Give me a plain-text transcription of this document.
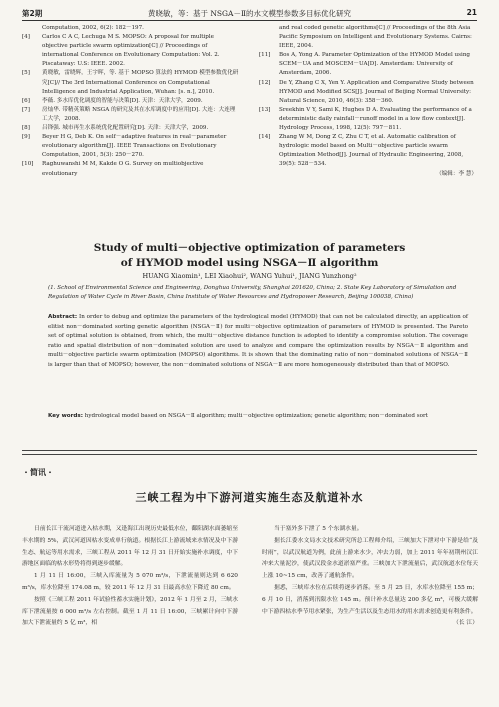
第2期	黄晓敏，等：基于 NSGA－Ⅱ的水文模型参数多目标优化研究	21
Computation, 2002, 6(2): 182－197.
[4] Carlos C A C, Lechuga M S. MOPSO: A proposal for multiple objective particle swarm optimization[C] // Proceedings of international Conference on Evolutionary Computation: Vol. 2. Piscataway: U.S: IEEE. 2002.
[5] 黄晓敏，雷晓辉，王宇晖，等. 基于 MOPSO 算法的 HYMOD 模型参数优化研究[C]// The 3rd International Conference on Computational Intelligence and Industrial Application, Wuhan: [s. n.], 2010.
[6] 李薇. 多水库优化调度的智能与决策[D]. 天津：天津大学，2009.
[7] 房灿华. 带精英策略 NSGA 的研究及其在水库调度中的应用[D]. 大连：大连理工大学，2008.
[8] 吕锋强. 城市再生水系统优化配置研究[D]. 天津：天津大学，2009.
[9] Beyer H G, Deb K. On self－adaptive features in real－parameter evolutionary algorithm[J]. IEEE Transactions on Evolutionary Computation, 2001, 5(3): 250－270.
[10] Raghuwanshi M M, Kakde O G. Survey on multiobjective evolutionary
and real coded genetic algorithms[C] // Proceedings of the 8th Asia Pacific Symposium on Intelligent and Evolutionary Systems. Cairns: IEEE, 2004.
[11] Bos A, Yong A. Parameter Optimization of the HYMOD Model using SCEM－UA and MOSCEM－UA[D]. Amsterdam: University of Amsterdam, 2006.
[12] De Y, Zhang C X, Yen Y. Application and Comparative Study between HYMOD and Modified SCS[J]. Journal of Beijing Normal University: Natural Science, 2010, 46(3): 358－360.
[13] Sreekhin V Y, Sami K, Hughes D A. Evaluating the performance of a deterministic daily rainfall－runoff model in a low flow context[J]. Hydrology Process, 1998, 12(5): 797－811.
[14] Zhang W M, Dong Z C, Zhu C T, et al. Automatic calibration of hydrologic model based on Multi－objective particle swarm Optimization Method[J]. Journal of Hydraulic Engineering, 2008, 39(5): 528－534.
（编辑：李 慧）
Study of multi－objective optimization of parameters
of HYMOD model using NSGA－Ⅱ algorithm
HUANG Xiaomin¹, LEI Xiaohui², WANG Yuhui¹, JIANG Yunzhong²
(1. School of Environmental Science and Engineering, Donghua University, Shanghai 201620, China; 2. State Key Laboratory of Simulation and Regulation of Water Cycle in River Basin, China Institute of Water Resources and Hydropower Research, Beijing 100038, China)
Abstract: In order to debug and optimize the parameters of the hydrological model (HYMOD) that can not be calculated directly, an application of elitist non－dominated sorting genetic algorithm (NSGA－Ⅱ) for multi－objective optimization of parameters of HYMOD is presented. The Pareto set of optimal solution is obtained, from which, the multi－objective distance function is adopted to identify a compromise solution. The coverage ratio and spatial distribution of non－dominated solution are used to analyze and compare the optimization results by NSGA－Ⅱ algorithm and multi－objective particle swarm optimization (MOPSO) algorithms. It is shown that the dominating ratio of non－dominated solutions of NSGA－Ⅱ is larger than that of MOPSO; however, the non－dominated solutions of NSGA－Ⅱ are more homogeneously distributed than that of MOPSO.
Key words: hydrological model based on NSGA－Ⅱ algorithm; multi－objective optimization; genetic algorithm; non－dominated sort
・简讯・
三峡工程为中下游河道实施生态及航道补水

日前长江干流河道进入枯水期，又逢海江出现历史最低水位，鄱阳湖水面萎缩至丰水期的 5%，武汉河道因枯水变成单行航道。根据长江上游流域来水情况及中下游生态、航运等用水需求，三峡工程从 2011 年 12 月 31 日开始实施补水调度，中下游地区面临的枯水形势将得到逐步缓解。

1 月 11 日 16:00，三峡入库流量为 5 070 m³/s，下泄流量则达到 6 620 m³/s，库水位降至 174.08 m，较 2011 年 12 月 31 日最高水位下降近 80 cm。

按照《三峡工程 2011 年试验性蓄水实施计划》，2012 年 1 月至 2 月，三峡水库下泄流量按 6 000 m³/s 左右控制。截至 1 月 11 日 16:00，三峡累计向中下游加大下泄流量约 5 亿 m³，相

当于塞外多下泄了 5 个东湖水量。

据长江委水文局水文技术研究所总工程师介绍，三峡加大下泄对中下游是给“及时雨”，以武汉航道为例，此前上游来水少，冲去力弱，加上 2011 年年初荆州汉江冲来大量泥沙，使武汉段金水道淤塞严重。三峡加大下泄流量后，武汉航道水位每天上涨 10~15 cm，改善了通航条件。

据悉，三峡库水位在后续将逐步消落。至 5 月 25 日，水库水位降至 155 m；6 月 10 日，消落到汛限水位 145 m。预计补水总量达 200 多亿 m³，可极大缓解中下游四枯水季节用水紧张，为生产生活以及生态用水的用水需求创造更有利条件。

（长 江）
